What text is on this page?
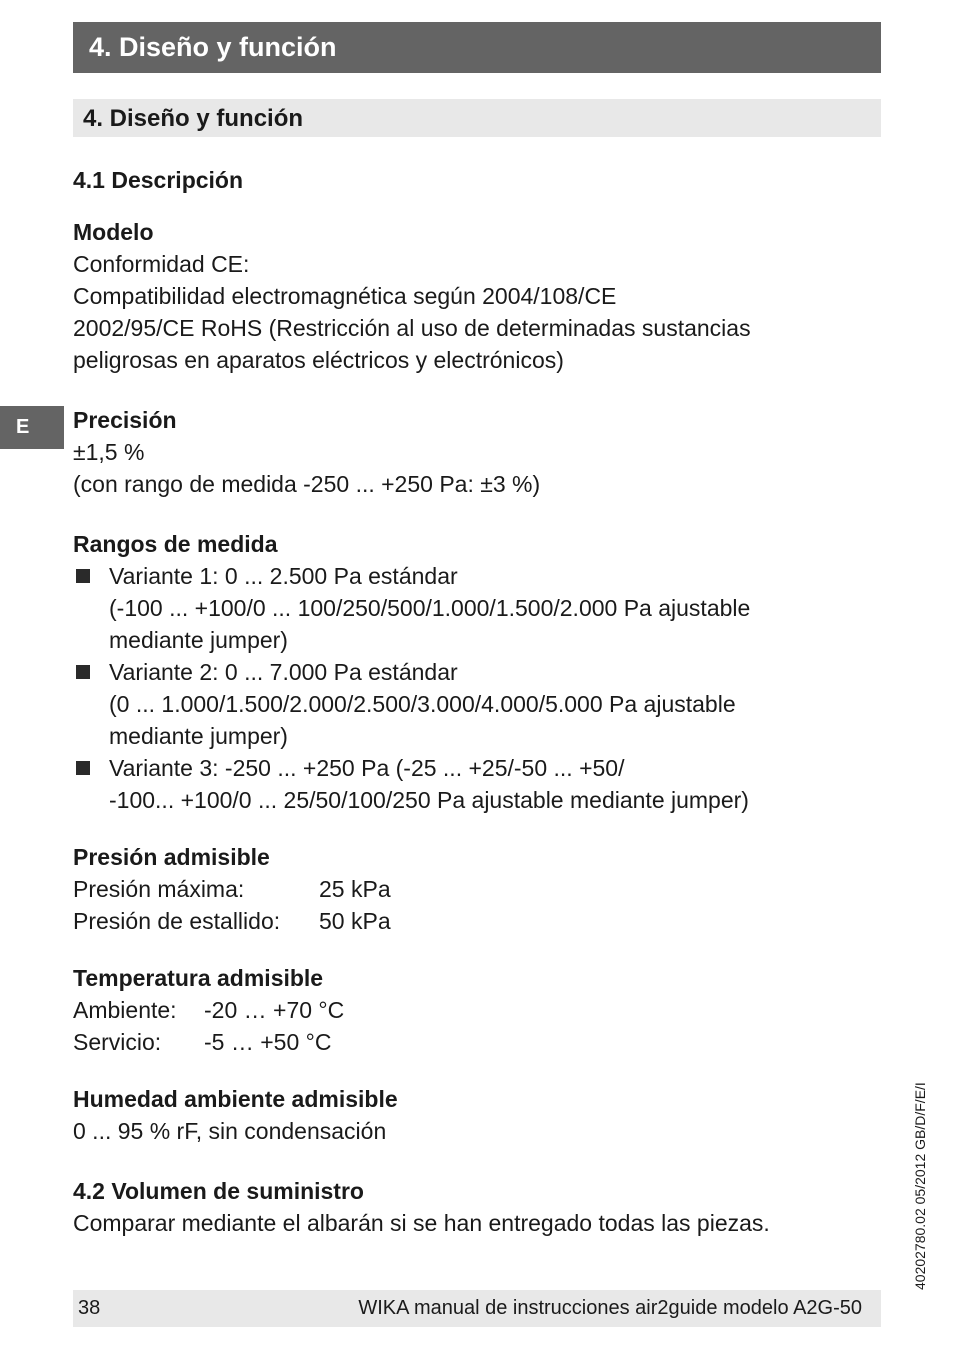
4. Diseño y función
4. Diseño y función
E
4.1 Descripción
Modelo
Conformidad CE:
Compatibilidad electromagnética según 2004/108/CE
2002/95/CE RoHS (Restricción al uso de determinadas sustancias
peligrosas en aparatos eléctricos y electrónicos)
Precisión
±1,5 %
(con rango de medida -250 ... +250 Pa: ±3 %)
Rangos de medida
Variante 1: 0 ... 2.500 Pa estándar
(-100 ... +100/0 ... 100/250/500/1.000/1.500/2.000 Pa ajustable
mediante jumper)
Variante 2: 0 ... 7.000 Pa estándar
(0 ... 1.000/1.500/2.000/2.500/3.000/4.000/5.000 Pa ajustable
mediante jumper)
Variante 3: -250 ... +250 Pa (-25 ... +25/-50 ... +50/
-100... +100/0 ... 25/50/100/250 Pa ajustable mediante jumper)
Presión admisible
Presión máxima:	25 kPa
Presión de estallido:	50 kPa
Temperatura admisible
Ambiente:	-20 … +70 °C
Servicio:	-5 … +50 °C
Humedad ambiente admisible
0 ... 95 % rF, sin condensación
4.2 Volumen de suministro
Comparar mediante el albarán si se han entregado todas las piezas.	40202780.02 05/2012 GB/D/F/E/I
38	WIKA manual de instrucciones air2guide modelo A2G-50
